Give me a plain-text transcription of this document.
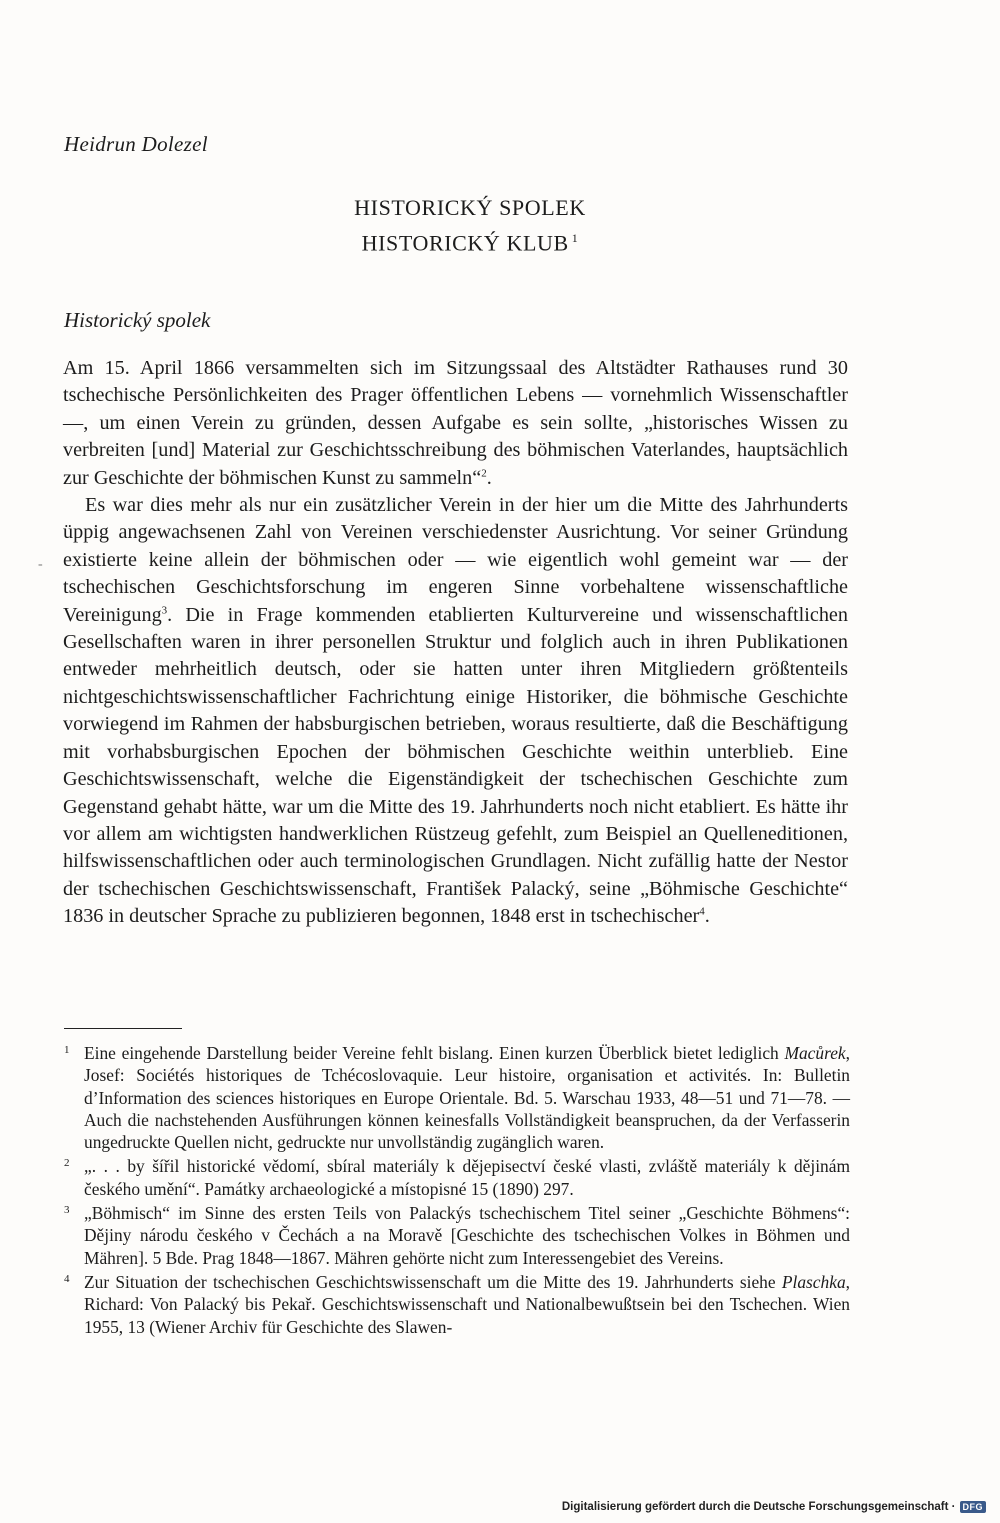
Heidrun Dolezel
HISTORICKÝ SPOLEK
HISTORICKÝ KLUB $^1$
Historický spolek
-

Am 15. April 1866 versammelten sich im Sitzungssaal des Altstädter Rathauses rund 30 tschechische Persönlichkeiten des Prager öffentlichen Lebens — vornehmlich Wissenschaftler —, um einen Verein zu gründen, dessen Aufgabe es sein sollte, „historisches Wissen zu verbreiten [und] Material zur Geschichtsschreibung des böhmischen Vaterlandes, hauptsächlich zur Geschichte der böhmischen Kunst zu sammeln“$^2$.

Es war dies mehr als nur ein zusätzlicher Verein in der hier um die Mitte des Jahrhunderts üppig angewachsenen Zahl von Vereinen verschiedenster Ausrichtung. Vor seiner Gründung existierte keine allein der böhmischen oder — wie eigentlich wohl gemeint war — der tschechischen Geschichtsforschung im engeren Sinne vorbehaltene wissenschaftliche Vereinigung$^3$. Die in Frage kommenden etablierten Kulturvereine und wissenschaftlichen Gesellschaften waren in ihrer personellen Struktur und folglich auch in ihren Publikationen entweder mehrheitlich deutsch, oder sie hatten unter ihren Mitgliedern größtenteils nichtgeschichtswissenschaftlicher Fachrichtung einige Historiker, die böhmische Geschichte vorwiegend im Rahmen der habsburgischen betrieben, woraus resultierte, daß die Beschäftigung mit vorhabsburgischen Epochen der böhmischen Geschichte weithin unterblieb. Eine Geschichtswissenschaft, welche die Eigenständigkeit der tschechischen Geschichte zum Gegenstand gehabt hätte, war um die Mitte des 19. Jahrhunderts noch nicht etabliert. Es hätte ihr vor allem am wichtigsten handwerklichen Rüstzeug gefehlt, zum Beispiel an Quelleneditionen, hilfswissenschaftlichen oder auch terminologischen Grundlagen. Nicht zufällig hatte der Nestor der tschechischen Geschichtswissenschaft, František Palacký, seine „Böhmische Geschichte“ 1836 in deutscher Sprache zu publizieren begonnen, 1848 erst in tschechischer$^4$.

1 Eine eingehende Darstellung beider Vereine fehlt bislang. Einen kurzen Überblick bietet lediglich Macůrek, Josef: Sociétés historiques de Tchécoslovaquie. Leur histoire, organisation et activités. In: Bulletin d’Information des sciences historiques en Europe Orientale. Bd. 5. Warschau 1933, 48—51 und 71—78. — Auch die nachstehenden Ausführungen können keinesfalls Vollständigkeit beanspruchen, da der Verfasserin ungedruckte Quellen nicht, gedruckte nur unvollständig zugänglich waren.
2 „. . . by šířil historické vědomí, sbíral materiály k dějepisectví české vlasti, zvláště materiály k dějinám českého umění“. Památky archaeologické a místopisné 15 (1890) 297.
3 „Böhmisch“ im Sinne des ersten Teils von Palackýs tschechischem Titel seiner „Geschichte Böhmens“: Dějiny národu českého v Čechách a na Moravě [Geschichte des tschechischen Volkes in Böhmen und Mähren]. 5 Bde. Prag 1848—1867. Mähren gehörte nicht zum Interessengebiet des Vereins.
4 Zur Situation der tschechischen Geschichtswissenschaft um die Mitte des 19. Jahrhunderts siehe Plaschka, Richard: Von Palacký bis Pekař. Geschichtswissenschaft und Nationalbewußtsein bei den Tschechen. Wien 1955, 13 (Wiener Archiv für Geschichte des Slawen-
Digitalisierung gefördert durch die Deutsche Forschungsgemeinschaft · DFG
